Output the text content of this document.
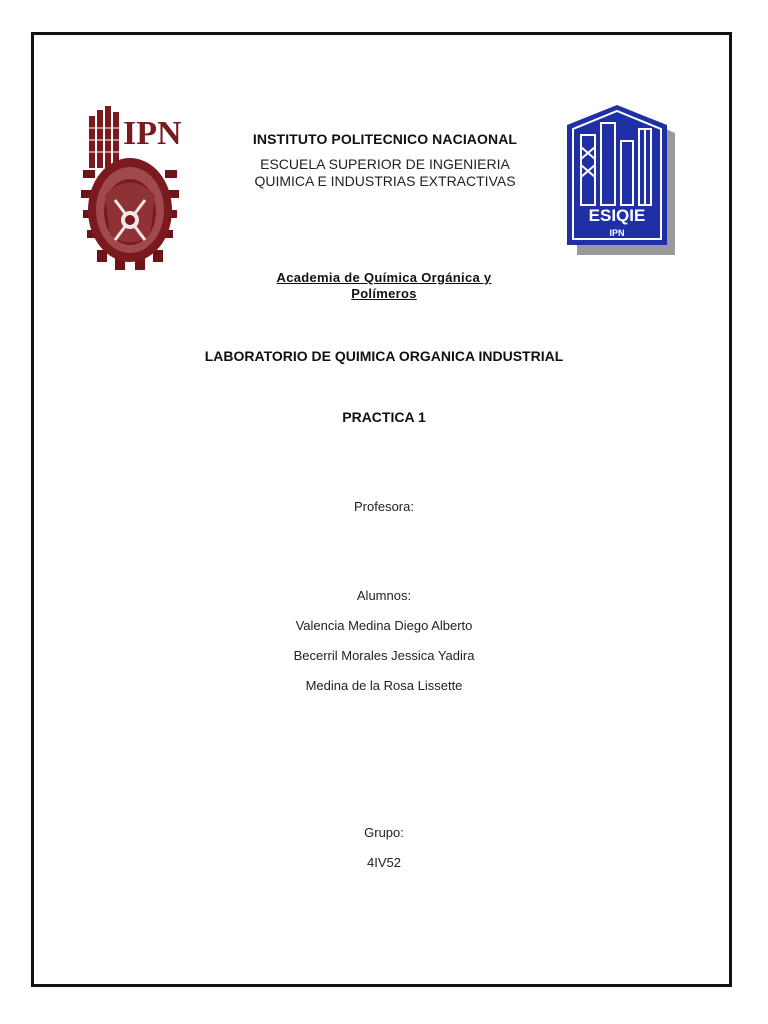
IPN
ESIQIE
IPN
INSTITUTO POLITECNICO NACIAONAL
ESCUELA SUPERIOR DE INGENIERIA
QUIMICA E INDUSTRIAS EXTRACTIVAS
Academia de Química Orgánica y
Polímeros
LABORATORIO DE QUIMICA ORGANICA INDUSTRIAL
PRACTICA 1
Profesora:
Alumnos:
Valencia Medina Diego Alberto
Becerril Morales Jessica Yadira
Medina de la Rosa Lissette
Grupo:
4IV52
